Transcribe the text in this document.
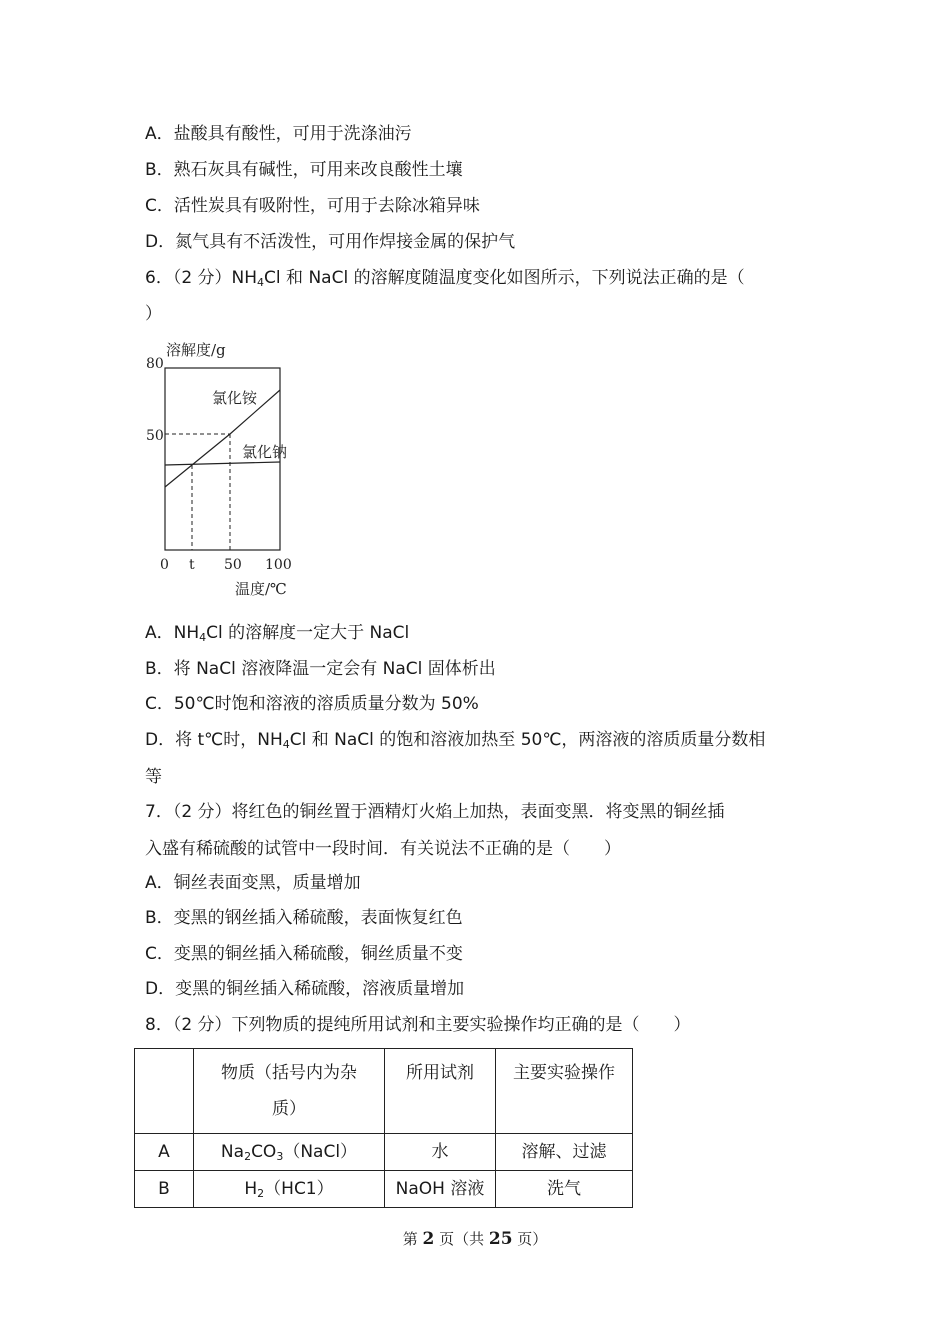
A．盐酸具有酸性，可用于洗涤油污
B．熟石灰具有碱性，可用来改良酸性土壤
C．活性炭具有吸附性，可用于去除冰箱异味
D．氮气具有不活泼性，可用作焊接金属的保护气
6．（2 分）$NH_4Cl$ 和 NaCl 的溶解度随温度变化如图所示，下列说法正确的是（
）
溶解度/g
80
50
氯化铵
氯化钠
0 t 50 100
温度/℃
A．$NH_4Cl$ 的溶解度一定大于 NaCl
B．将 NaCl 溶液降温一定会有 NaCl 固体析出
C．50℃时饱和溶液的溶质质量分数为 50%
D．将 t℃时，$NH_4Cl$ 和 NaCl 的饱和溶液加热至 50℃，两溶液的溶质质量分数相
等
7．（2 分）将红色的铜丝置于酒精灯火焰上加热，表面变黑．将变黑的铜丝插
入盛有稀硫酸的试管中一段时间．有关说法不正确的是（　　）
A．铜丝表面变黑，质量增加
B．变黑的钢丝插入稀硫酸，表面恢复红色
C．变黑的铜丝插入稀硫酸，铜丝质量不变
D．变黑的铜丝插入稀硫酸，溶液质量增加
8．（2 分）下列物质的提纯所用试剂和主要实验操作均正确的是（　　）

	物质（括号内为杂质）	所用试剂	主要实验操作
A	$Na_2CO_3(NaCl)$	水	溶解、过滤
B	$H_2(HC1)$	NaOH 溶液	洗气
第 2 页（共 25 页）
